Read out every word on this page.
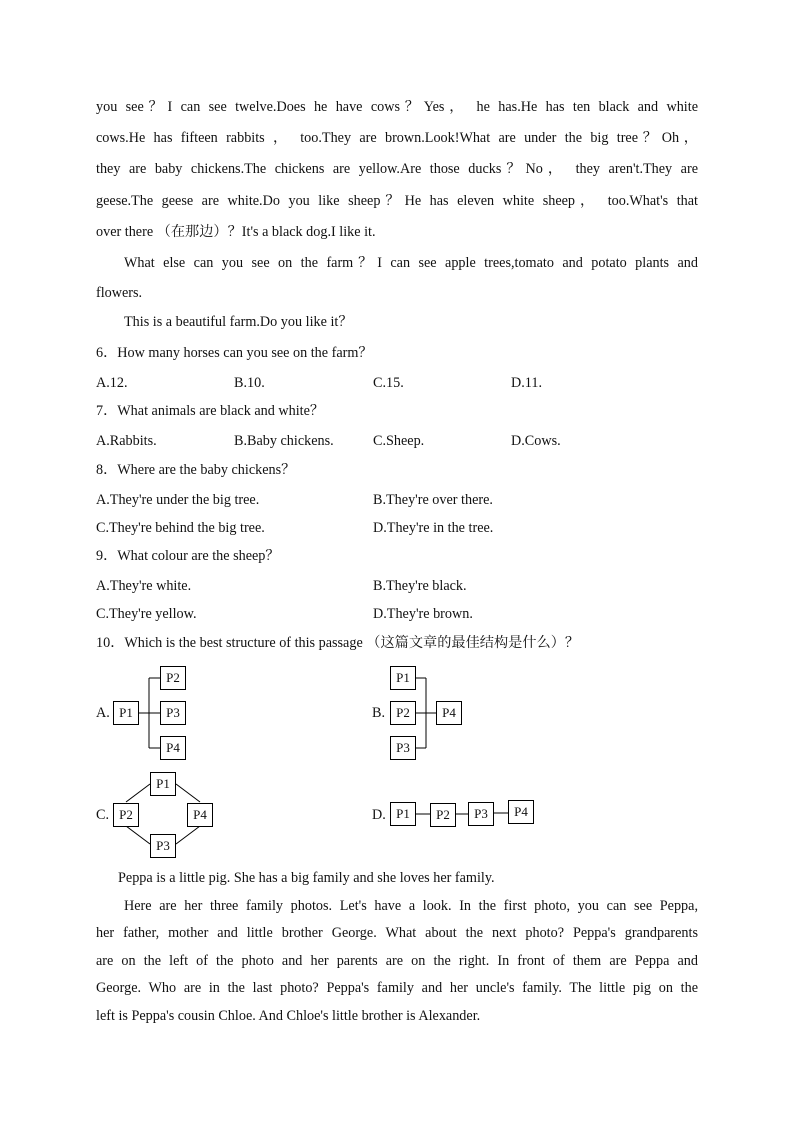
you see？I can see twelve.Does he have cows？Yes， he has.He has ten black and white
cows.He has fifteen rabbits ， too.They are brown.Look!What are under the big tree？Oh，
they are baby chickens.The chickens are yellow.Are those ducks？No， they aren't.They are
geese.The geese are white.Do you like sheep？He has eleven white sheep， too.What's that
over there （在那边）？It's a black dog.I like it.
What else can you see on the farm？I can see apple trees,tomato and potato plants and
flowers.
This is a beautiful farm.Do you like it？
6．How many horses can you see on the farm？
A.12.	B.10.	C.15.	D.11.
7．What animals are black and white？
A.Rabbits.	B.Baby chickens.	C.Sheep.	D.Cows.
8．Where are the baby chickens？
A.They're under the big tree.	B.They're over there.
C.They're behind the big tree.	D.They're in the tree.
9．What colour are the sheep？
A.They're white.	B.They're black.
C.They're yellow.	D.They're brown.
10．Which is the best structure of this passage （这篇文章的最佳结构是什么）？
A. P1
P2
P3
P4
B.
P1
P2
P3
P4
C.
P1
P2
P3
P4	D. P1	P2	P3	P4
Peppa is a little pig. She has a big family and she loves her family.
Here are her three family photos. Let's have a look. In the first photo, you can see Peppa,
her father, mother and little brother George. What about the next photo? Peppa's grandparents
are on the left of the photo and her parents are on the right. In front of them are Peppa and
George. Who are in the last photo? Peppa's family and her uncle's family. The little pig on the
left is Peppa's cousin Chloe. And Chloe's little brother is Alexander.
